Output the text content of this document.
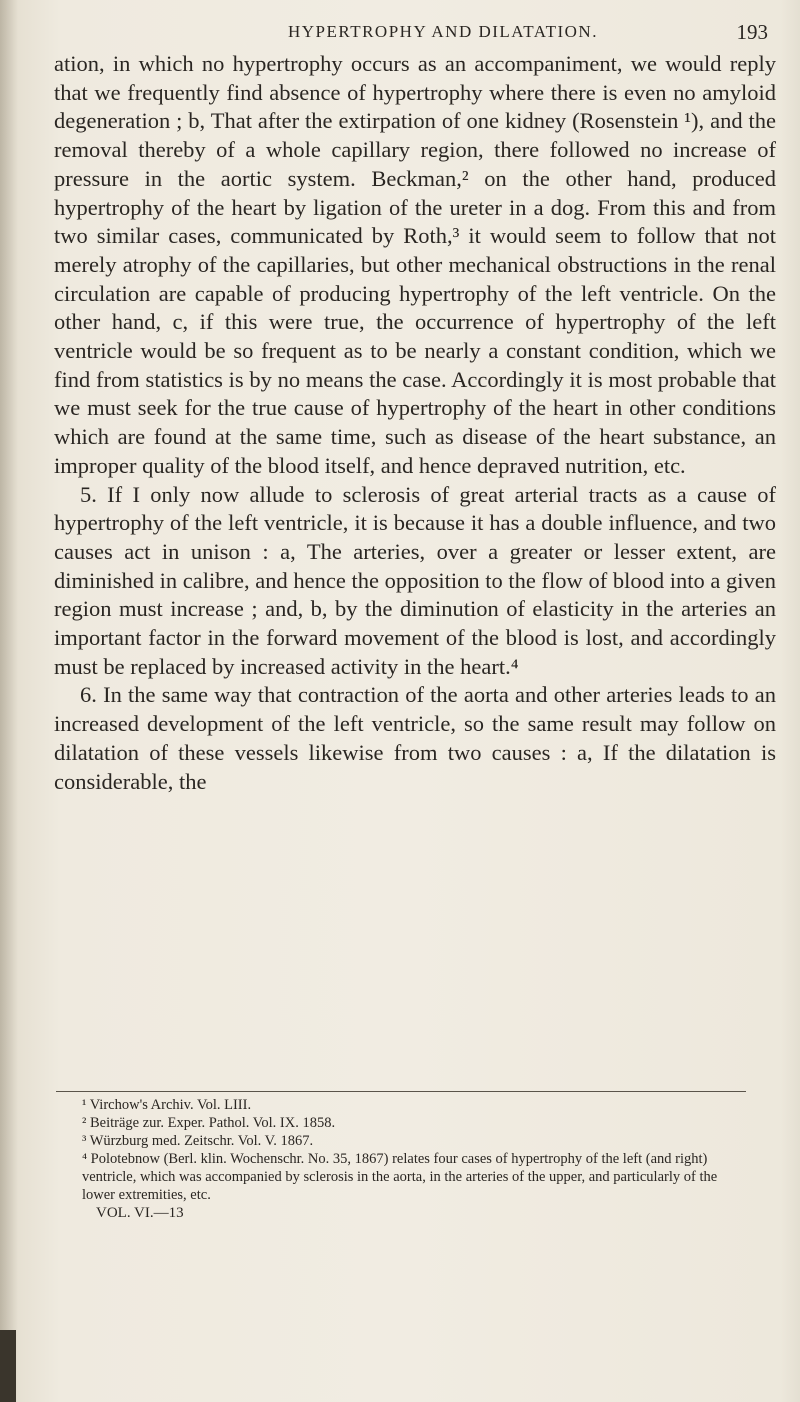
HYPERTROPHY AND DILATATION.	193

ation, in which no hypertrophy occurs as an accompaniment, we would reply that we frequently find absence of hypertrophy where there is even no amyloid degeneration ; b, That after the extirpation of one kidney (Rosenstein ¹), and the removal thereby of a whole capillary region, there followed no increase of pressure in the aortic system. Beckman,² on the other hand, produced hypertrophy of the heart by ligation of the ureter in a dog. From this and from two similar cases, communicated by Roth,³ it would seem to follow that not merely atrophy of the capillaries, but other mechanical obstructions in the renal circulation are capable of producing hypertrophy of the left ventricle. On the other hand, c, if this were true, the occurrence of hypertrophy of the left ventricle would be so frequent as to be nearly a constant condition, which we find from statistics is by no means the case. Accordingly it is most probable that we must seek for the true cause of hypertrophy of the heart in other conditions which are found at the same time, such as disease of the heart substance, an improper quality of the blood itself, and hence depraved nutrition, etc.

5. If I only now allude to sclerosis of great arterial tracts as a cause of hypertrophy of the left ventricle, it is because it has a double influence, and two causes act in unison : a, The arteries, over a greater or lesser extent, are diminished in calibre, and hence the opposition to the flow of blood into a given region must increase ; and, b, by the diminution of elasticity in the arteries an important factor in the forward movement of the blood is lost, and accordingly must be replaced by increased activity in the heart.⁴

6. In the same way that contraction of the aorta and other arteries leads to an increased development of the left ventricle, so the same result may follow on dilatation of these vessels likewise from two causes : a, If the dilatation is considerable, the

¹ Virchow's Archiv. Vol. LIII.

² Beiträge zur. Exper. Pathol. Vol. IX. 1858.

³ Würzburg med. Zeitschr. Vol. V. 1867.

⁴ Polotebnow (Berl. klin. Wochenschr. No. 35, 1867) relates four cases of hypertrophy of the left (and right) ventricle, which was accompanied by sclerosis in the aorta, in the arteries of the upper, and particularly of the lower extremities, etc.

VOL. VI.—13
